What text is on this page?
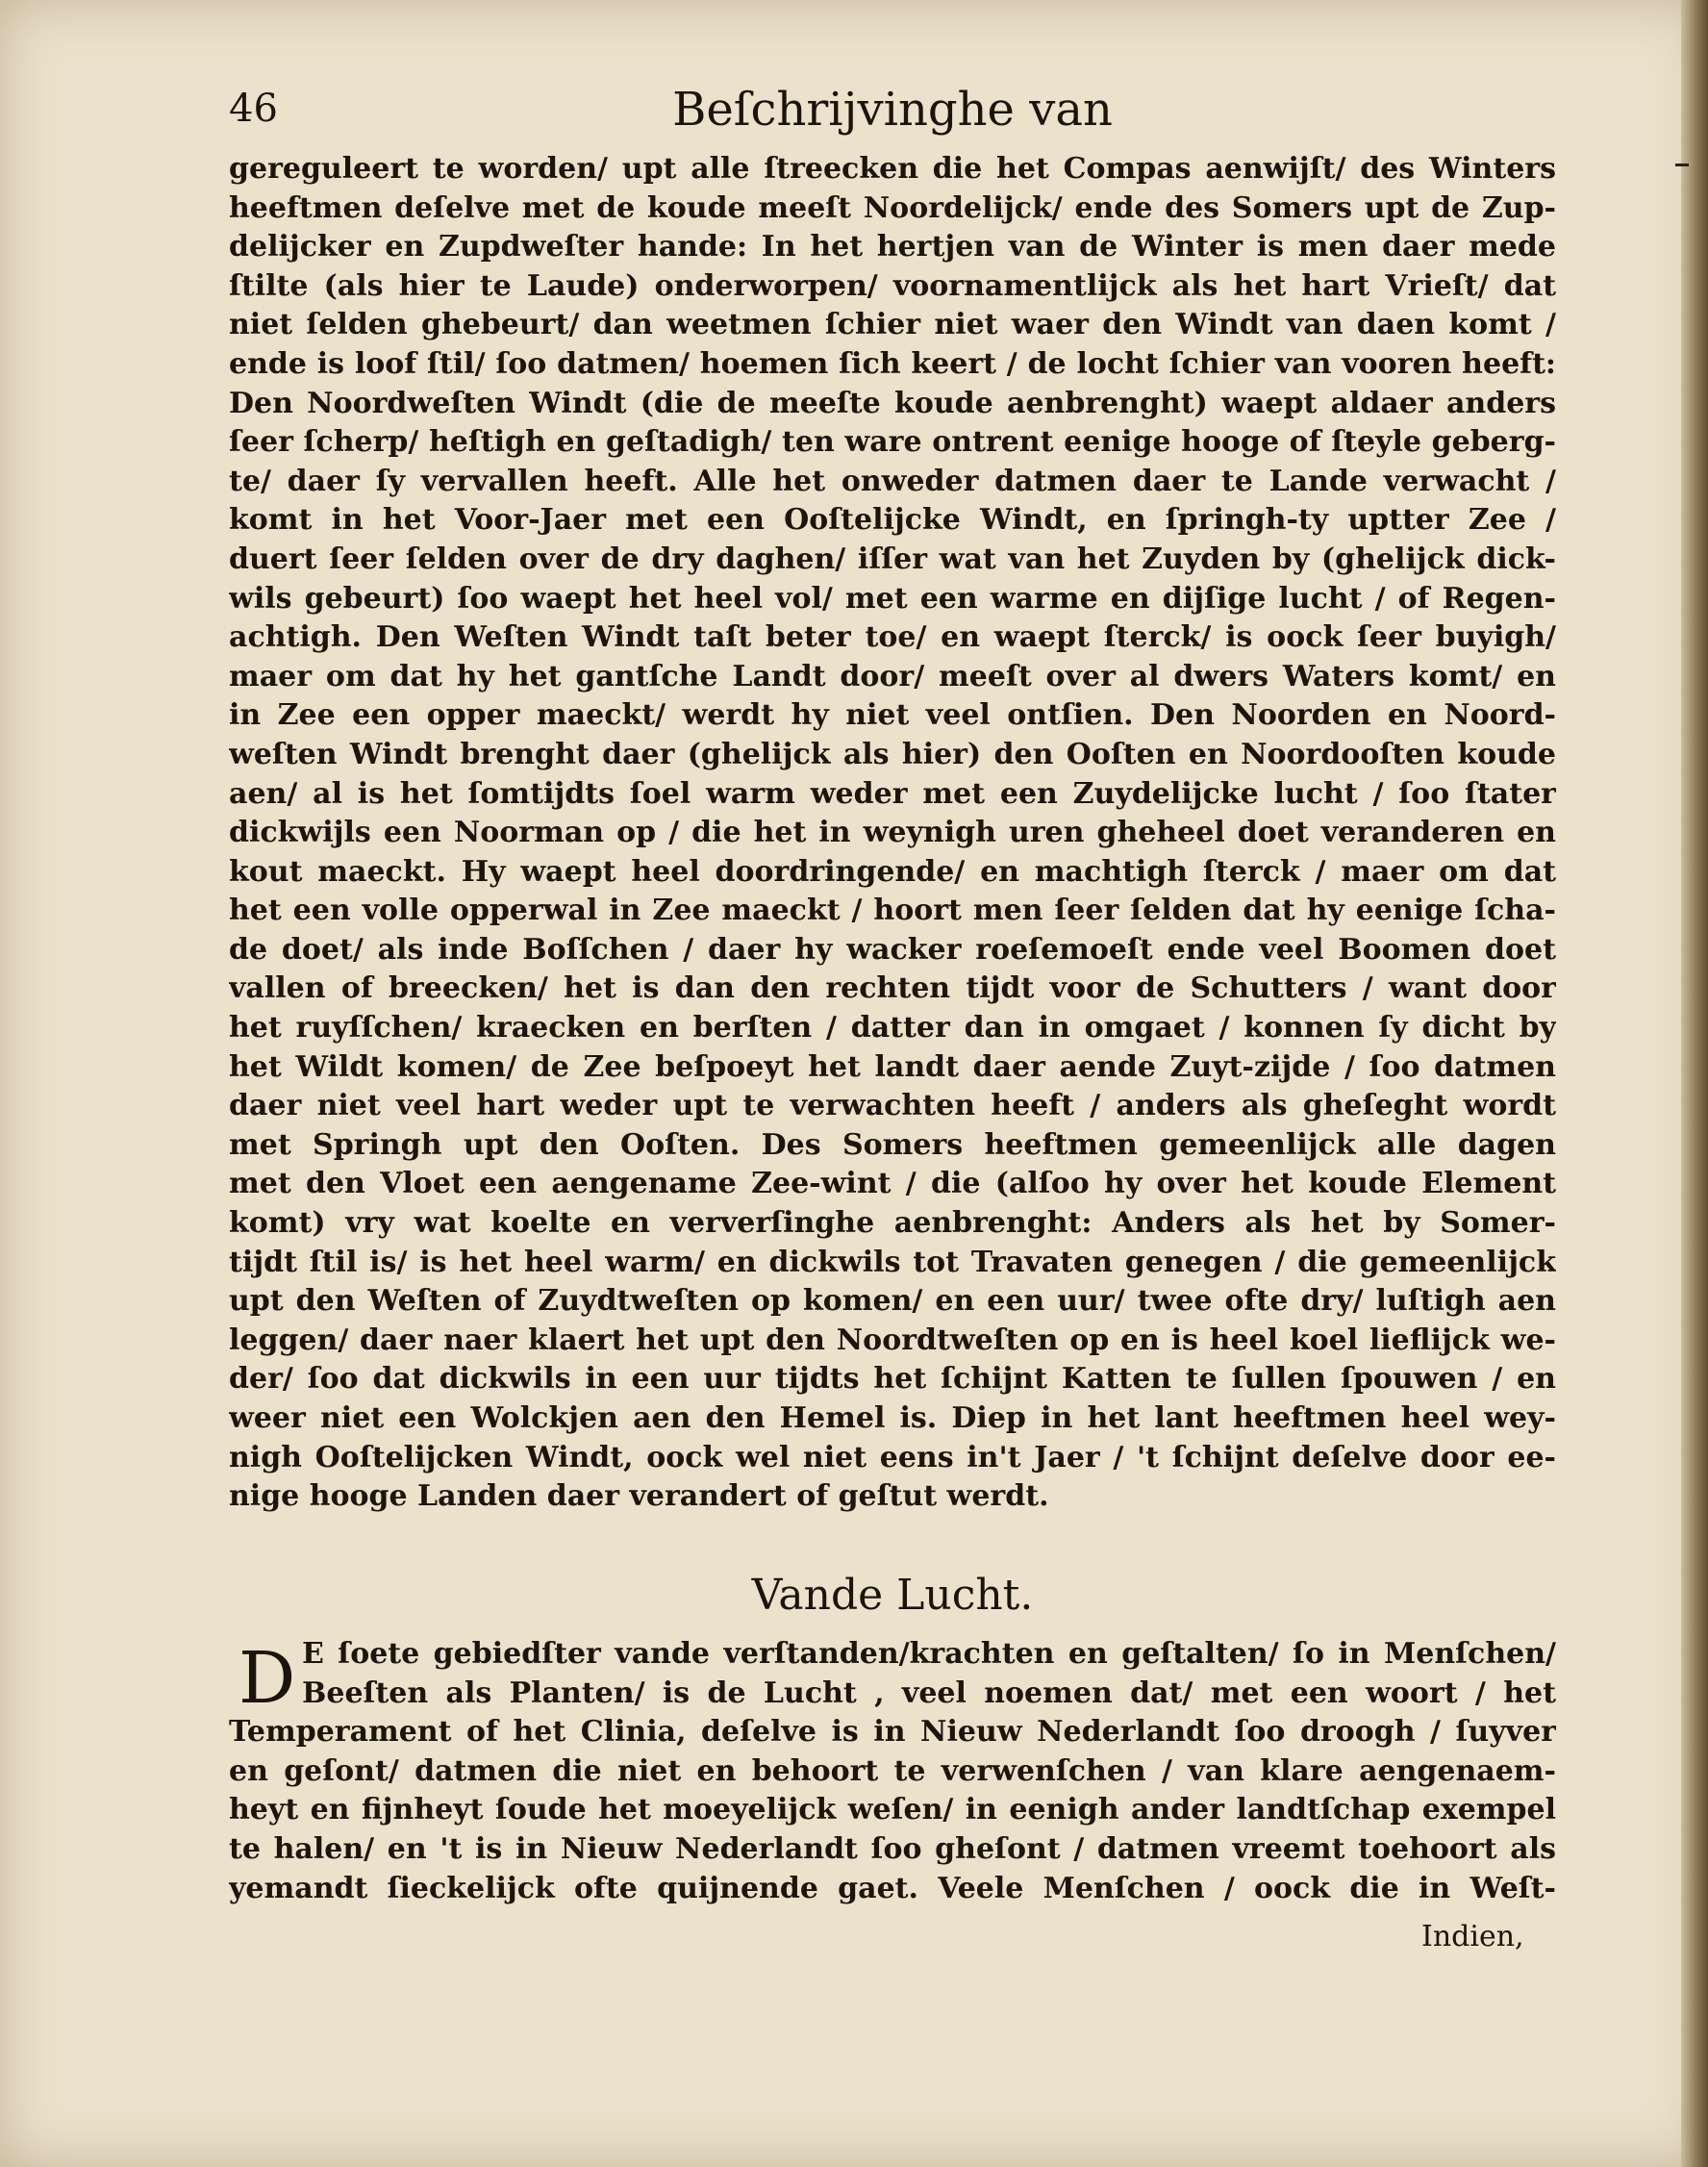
46	Beſchrijvinghe van
gereguleert te worden/ upt alle ſtreecken die het Compas aenwijſt/ des Winters
heeftmen deſelve met de koude meeſt Noordelijck/ ende des Somers upt de Zup-
delijcker en Zupdweſter hande: In het hertjen van de Winter is men daer mede
ſtilte (als hier te Laude) onderworpen/ voornamentlijck als het hart Vrieſt/ dat
niet ſelden ghebeurt/ dan weetmen ſchier niet waer den Windt van daen komt /
ende is loof ſtil/ ſoo datmen/ hoemen ſich keert / de locht ſchier van vooren heeft:
Den Noordweſten Windt (die de meeſte koude aenbrenght) waept aldaer anders
ſeer ſcherp/ heſtigh en geſtadigh/ ten ware ontrent eenige hooge of ſteyle geberg-
te/ daer ſy vervallen heeft. Alle het onweder datmen daer te Lande verwacht /
komt in het Voor-Jaer met een Ooſtelijcke Windt, en ſpringh-ty uptter Zee /
duert ſeer ſelden over de dry daghen/ iſſer wat van het Zuyden by (ghelijck dick-
wils gebeurt) ſoo waept het heel vol/ met een warme en dijſige lucht / of Regen-
achtigh. Den Weſten Windt taſt beter toe/ en waept ſterck/ is oock ſeer buyigh/
maer om dat hy het gantſche Landt door/ meeſt over al dwers Waters komt/ en
in Zee een opper maeckt/ werdt hy niet veel ontſien. Den Noorden en Noord-
weſten Windt brenght daer (ghelijck als hier) den Ooſten en Noordooſten koude
aen/ al is het ſomtijdts ſoel warm weder met een Zuydelijcke lucht / ſoo ſtater
dickwijls een Noorman op / die het in weynigh uren gheheel doet veranderen en
kout maeckt. Hy waept heel doordringende/ en machtigh ſterck / maer om dat
het een volle opperwal in Zee maeckt / hoort men ſeer ſelden dat hy eenige ſcha-
de doet/ als inde Boſſchen / daer hy wacker roeſemoeſt ende veel Boomen doet
vallen of breecken/ het is dan den rechten tijdt voor de Schutters / want door
het ruyſſchen/ kraecken en berſten / datter dan in omgaet / konnen ſy dicht by
het Wildt komen/ de Zee beſpoeyt het landt daer aende Zuyt-zijde / ſoo datmen
daer niet veel hart weder upt te verwachten heeft / anders als gheſeght wordt
met Springh upt den Ooſten. Des Somers heeftmen gemeenlijck alle dagen
met den Vloet een aengename Zee-wint / die (alſoo hy over het koude Element
komt) vry wat koelte en ververſinghe aenbrenght: Anders als het by Somer-
tijdt ſtil is/ is het heel warm/ en dickwils tot Travaten genegen / die gemeenlijck
upt den Weſten of Zuydtweſten op komen/ en een uur/ twee ofte dry/ luſtigh aen
leggen/ daer naer klaert het upt den Noordtweſten op en is heel koel lieflijck we-
der/ ſoo dat dickwils in een uur tijdts het ſchijnt Katten te ſullen ſpouwen / en
weer niet een Wolckjen aen den Hemel is. Diep in het lant heeftmen heel wey-
nigh Ooſtelijcken Windt, oock wel niet eens in't Jaer / 't ſchijnt deſelve door ee-
nige hooge Landen daer verandert of geſtut werdt.
Vande Lucht.
D E ſoete gebiedſter vande verſtanden/krachten en geſtalten/ ſo in Menſchen/
Beeſten als Planten/ is de Lucht , veel noemen dat/ met een woort / het
Temperament of het Clinia, deſelve is in Nieuw Nederlandt ſoo droogh / ſuyver
en geſont/ datmen die niet en behoort te verwenſchen / van klare aengenaem-
heyt en fijnheyt ſoude het moeyelijck weſen/ in eenigh ander landtſchap exempel
te halen/ en 't is in Nieuw Nederlandt ſoo gheſont / datmen vreemt toehoort als
yemandt ſieckelijck ofte quijnende gaet. Veele Menſchen / oock die in Weſt-
Indien,
